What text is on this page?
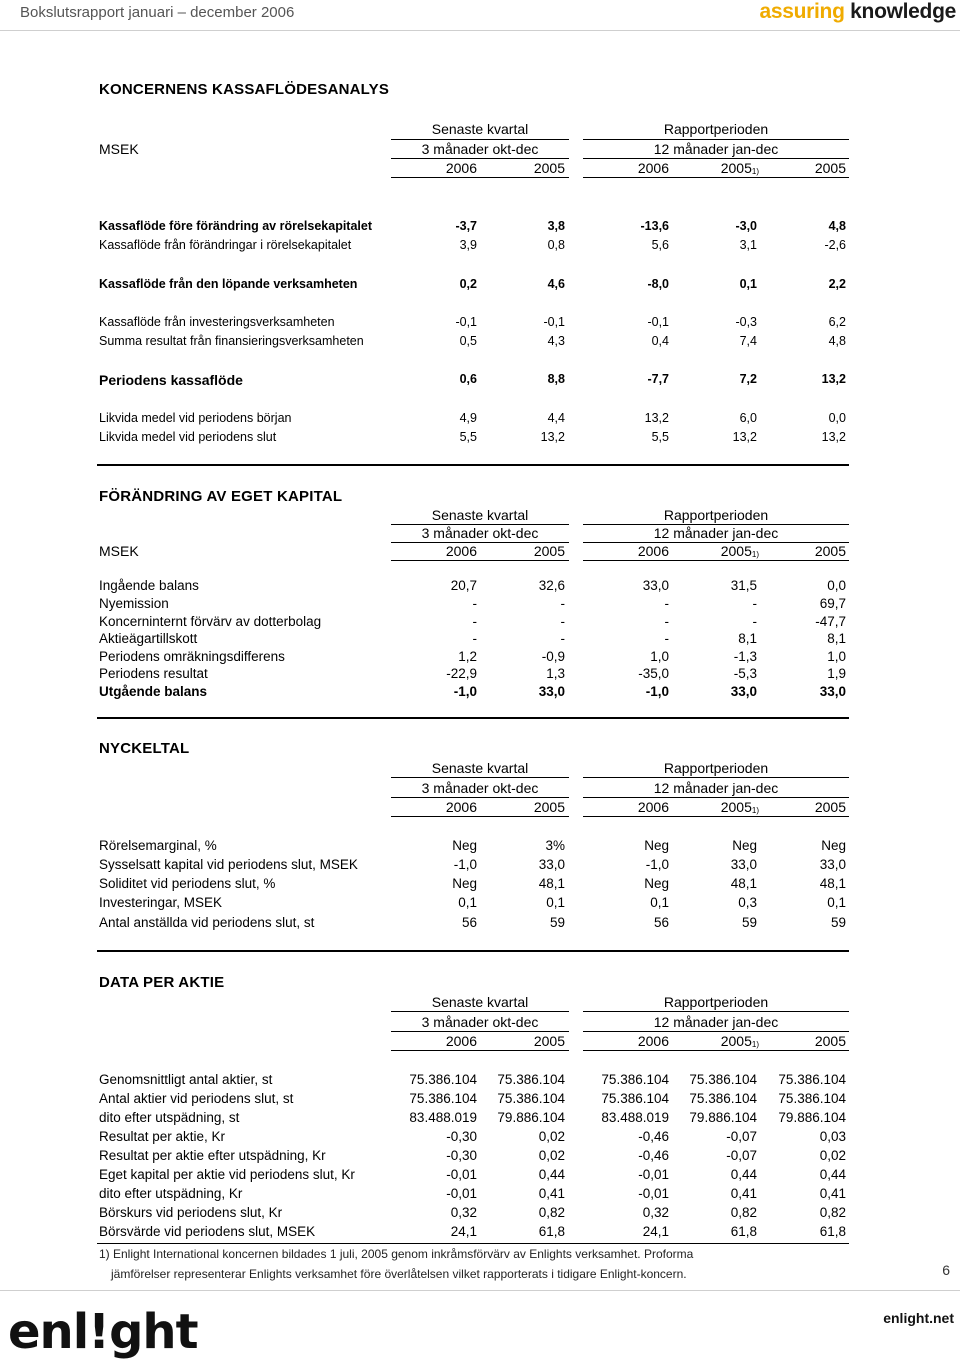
Bokslutsrapport januari – december 2006	assuring knowledge
KONCERNENS KASSAFLÖDESANALYS
Senaste kvartal	Rapportperioden
MSEK	3 månader okt-dec	12 månader jan-dec
2006	2005	2006	$2005_{1)}$	2005
Kassaflöde före förändring av rörelsekapitalet	-3,7	3,8	-13,6	-3,0	4,8
Kassaflöde från förändringar i rörelsekapitalet	3,9	0,8	5,6	3,1	-2,6
Kassaflöde från den löpande verksamheten	0,2	4,6	-8,0	0,1	2,2
Kassaflöde från investeringsverksamheten	-0,1	-0,1	-0,1	-0,3	6,2
Summa resultat från finansieringsverksamheten	0,5	4,3	0,4	7,4	4,8
Periodens kassaflöde	0,6	8,8	-7,7	7,2	13,2
Likvida medel vid periodens början	4,9	4,4	13,2	6,0	0,0
Likvida medel vid periodens slut	5,5	13,2	5,5	13,2	13,2
FÖRÄNDRING AV EGET KAPITAL
Senaste kvartal	Rapportperioden
3 månader okt-dec	12 månader jan-dec
MSEK	2006	2005	2006	$2005_{1)}$	2005
Ingående balans	20,7	32,6	33,0	31,5	0,0
Nyemission	-	-	-	-	69,7
Koncerninternt förvärv av dotterbolag	-	-	-	-	-47,7
Aktieägartillskott	-	-	-	8,1	8,1
Periodens omräkningsdifferens	1,2	-0,9	1,0	-1,3	1,0
Periodens resultat	-22,9	1,3	-35,0	-5,3	1,9
Utgående balans	-1,0	33,0	-1,0	33,0	33,0
NYCKELTAL
Senaste kvartal	Rapportperioden
3 månader okt-dec	12 månader jan-dec
2006	2005	2006	$2005_{1)}$	2005
Rörelsemarginal, %	Neg	3%	Neg	Neg	Neg
Sysselsatt kapital vid periodens slut, MSEK	-1,0	33,0	-1,0	33,0	33,0
Soliditet vid periodens slut, %	Neg	48,1	Neg	48,1	48,1
Investeringar, MSEK	0,1	0,1	0,1	0,3	0,1
Antal anställda vid periodens slut, st	56	59	56	59	59
DATA PER AKTIE
Senaste kvartal	Rapportperioden
3 månader okt-dec	12 månader jan-dec
2006	2005	2006	$2005_{1)}$	2005
Genomsnittligt antal aktier, st	75.386.104	75.386.104	75.386.104	75.386.104	75.386.104
Antal aktier vid periodens slut, st	75.386.104	75.386.104	75.386.104	75.386.104	75.386.104
dito efter utspädning, st	83.488.019	79.886.104	83.488.019	79.886.104	79.886.104
Resultat per aktie, Kr	-0,30	0,02	-0,46	-0,07	0,03
Resultat per aktie efter utspädning, Kr	-0,30	0,02	-0,46	-0,07	0,02
Eget kapital per aktie vid periodens slut, Kr	-0,01	0,44	-0,01	0,44	0,44
dito efter utspädning, Kr	-0,01	0,41	-0,01	0,41	0,41
Börskurs vid periodens slut, Kr	0,32	0,82	0,32	0,82	0,82
Börsvärde vid periodens slut, MSEK	24,1	61,8	24,1	61,8	61,8
1) Enlight International koncernen bildades 1 juli, 2005 genom inkråmsförvärv av Enlights verksamhet. Proforma
jämförelser representerar Enlights verksamhet före överlåtelsen vilket rapporterats i tidigare Enlight-koncern.	6
enl!ght	enlight.net
